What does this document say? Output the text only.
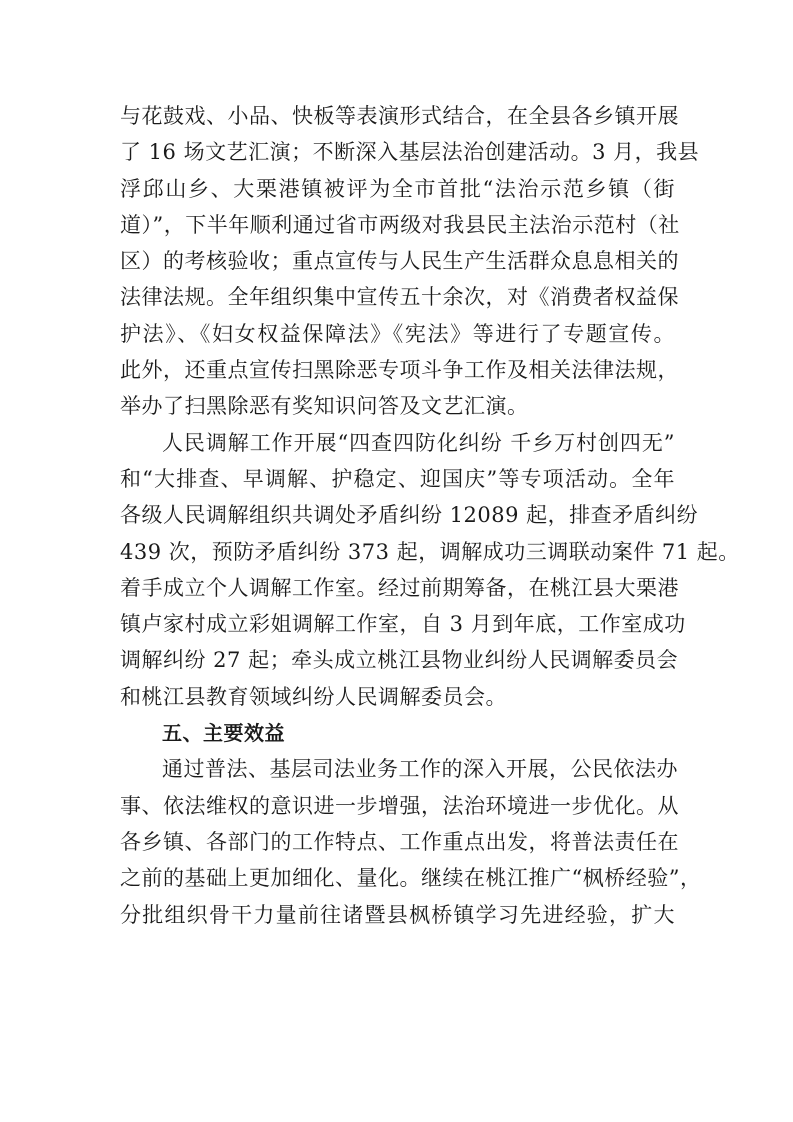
与花鼓戏、小品、快板等表演形式结合，在全县各乡镇开展
了 16 场文艺汇演；不断深入基层法治创建活动。3 月，我县
浮邱山乡、大栗港镇被评为全市首批“法治示范乡镇（街
道）”，下半年顺利通过省市两级对我县民主法治示范村（社
区）的考核验收；重点宣传与人民生产生活群众息息相关的
法律法规。全年组织集中宣传五十余次，对《消费者权益保
护法》、《妇女权益保障法》《宪法》等进行了专题宣传。
此外，还重点宣传扫黑除恶专项斗争工作及相关法律法规，
举办了扫黑除恶有奖知识问答及文艺汇演。
人民调解工作开展“四查四防化纠纷 千乡万村创四无”
和“大排查、早调解、护稳定、迎国庆”等专项活动。全年
各级人民调解组织共调处矛盾纠纷 12089 起，排查矛盾纠纷
439 次，预防矛盾纠纷 373 起，调解成功三调联动案件 71 起。
着手成立个人调解工作室。经过前期筹备，在桃江县大栗港
镇卢家村成立彩姐调解工作室，自 3 月到年底，工作室成功
调解纠纷 27 起；牵头成立桃江县物业纠纷人民调解委员会
和桃江县教育领域纠纷人民调解委员会。
五、主要效益
通过普法、基层司法业务工作的深入开展，公民依法办
事、依法维权的意识进一步增强，法治环境进一步优化。从
各乡镇、各部门的工作特点、工作重点出发，将普法责任在
之前的基础上更加细化、量化。继续在桃江推广“枫桥经验”，
分批组织骨干力量前往诸暨县枫桥镇学习先进经验，扩大
